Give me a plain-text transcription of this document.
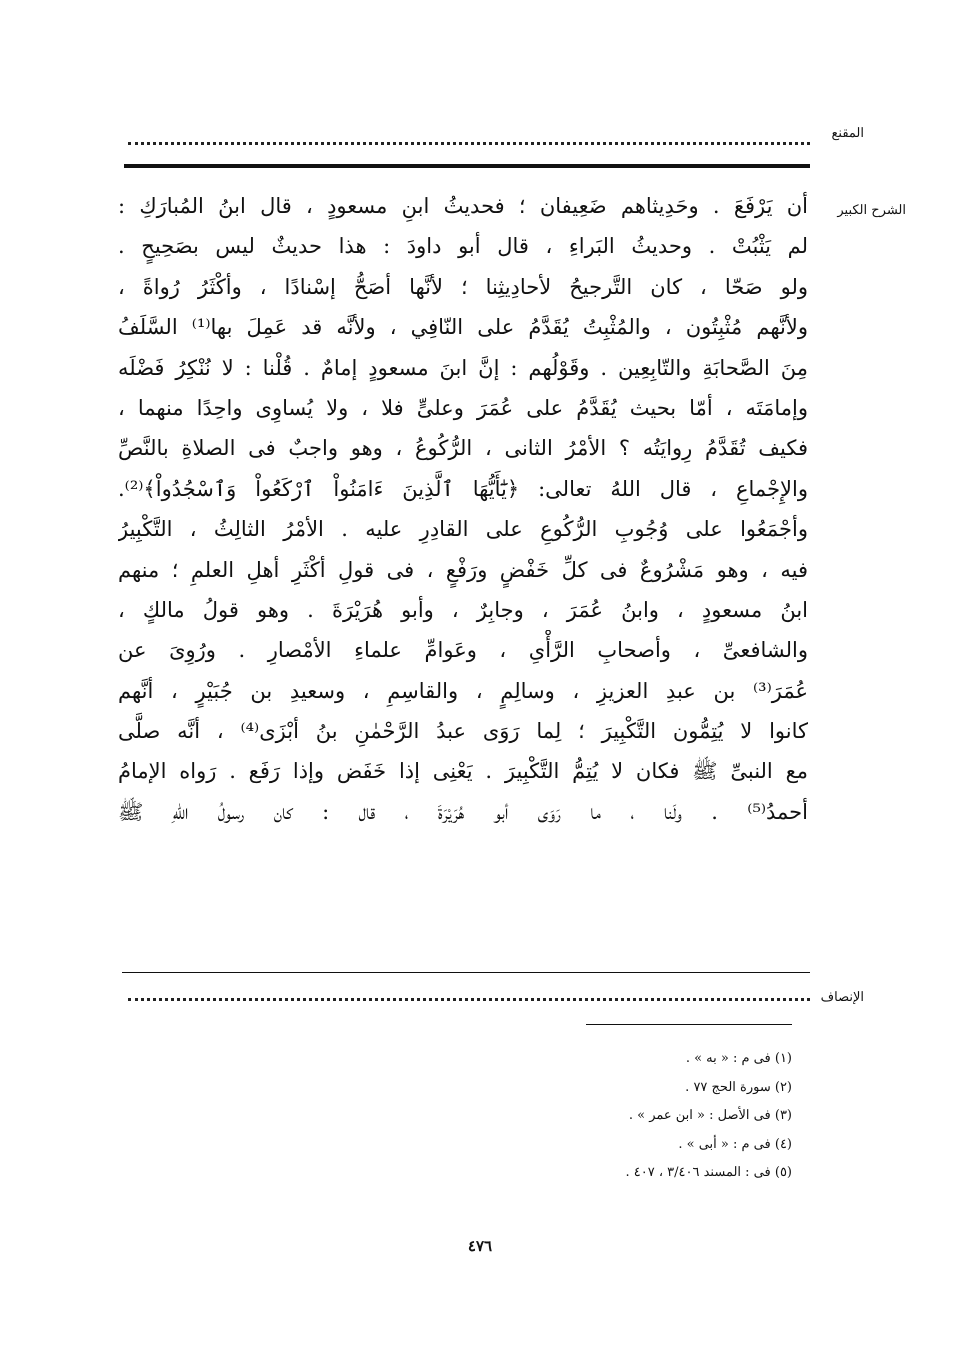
المقنع
الشرح الكبير
أن يَرْفَعَ . وحَدِيثاهم ضَعِيفان ؛ فحديثُ ابنِ مسعودٍ ، قال ابنُ المُبارَكِ :
لم يَثْبُتْ . وحديثُ البَراءِ ، قال أبو داودَ : هذا حديثٌ ليس بصَحِيحٍ .
ولو صَحّا ، كان التَّرجيحُ لأحادِيثِنا ؛ لأنَّها أصَحُّ إسْنادًا ، وأكْثَرُ رُواةً ،
ولأنَّهم مُثْبِتُون ، والمُثْبِتُ يُقَدَّمُ على النّافِي ، ولأنَّه قد عَمِلَ بها⁽¹⁾ السَّلَفُ
مِنَ الصَّحابَةِ والتّابِعِين . وقَوْلُهم : إنَّ ابنَ مسعودٍ إمامٌ . قُلْنا : لا نُنْكِرُ فَضْلَه
وإمامَتَه ، أمّا بحيث يُقَدَّمُ على عُمَرَ وعلىٍّ فلا ، ولا يُساوِى واحِدًا منهما ،
فكيف تُقَدَّمُ رِوايَتُه ؟ الأمْرُ الثانى ، الرُّكُوعُ ، وهو واجبٌ فى الصلاةِ بالنَّصِّ
والإِجْماعِ ، قال اللهُ تعالى: ﴿يَٰٓأَيُّهَا ٱلَّذِينَ ءَامَنُواْ ٱرْكَعُواْ وَٱسْجُدُواْ﴾⁽²⁾.
وأجْمَعُوا على وُجُوبِ الرُّكُوعِ على القادِرِ عليه . الأمْرُ الثالِثُ ، التَّكْبِيرُ
فيه ، وهو مَشْرُوعٌ فى كلِّ خَفْضٍ ورَفْعٍ ، فى قولِ أكْثَرِ أهلِ العلمِ ؛ منهم
ابنُ مسعودٍ ، وابنُ عُمَرَ ، وجابِرٌ ، وأبو هُرَيْرَةَ . وهو قولُ مالكٍ ،
والشافعىِّ ، وأصحابِ الرَّأْىِ ، وعَوامِّ علماءِ الأمْصارِ . ورُوِىَ عن
عُمَرَ⁽³⁾ بن عبدِ العزيزِ ، وسالِمٍ ، والقاسِمِ ، وسعيدِ بن جُبَيْرٍ ، أنَّهم
كانوا لا يُتِمُّون التَّكْبِيرَ ؛ لِما رَوَى عبدُ الرَّحْمٰنِ بنُ أبْزَى⁽⁴⁾ ، أنَّه صلَّى
مع النبىِّ ﷺ فكان لا يُتِمُّ التَّكْبِيرَ . يَعْنِى إذا خَفَض وإذا رَفَع . رَواه الإمامُ
أحمدُ⁽⁵⁾ . ولَنا ، ما رَوَى أبو هُرَيْرَةَ ، قال : كان رسولُ اللهِ ﷺ
الإنصاف
(١) فى م : « به » .
(٢) سورة الحج ٧٧ .
(٣) فى الأصل : « ابن عمر » .
(٤) فى م : « أبى » .
(٥) فى : المسند ٣/٤٠٦ ، ٤٠٧ .
٤٧٦
